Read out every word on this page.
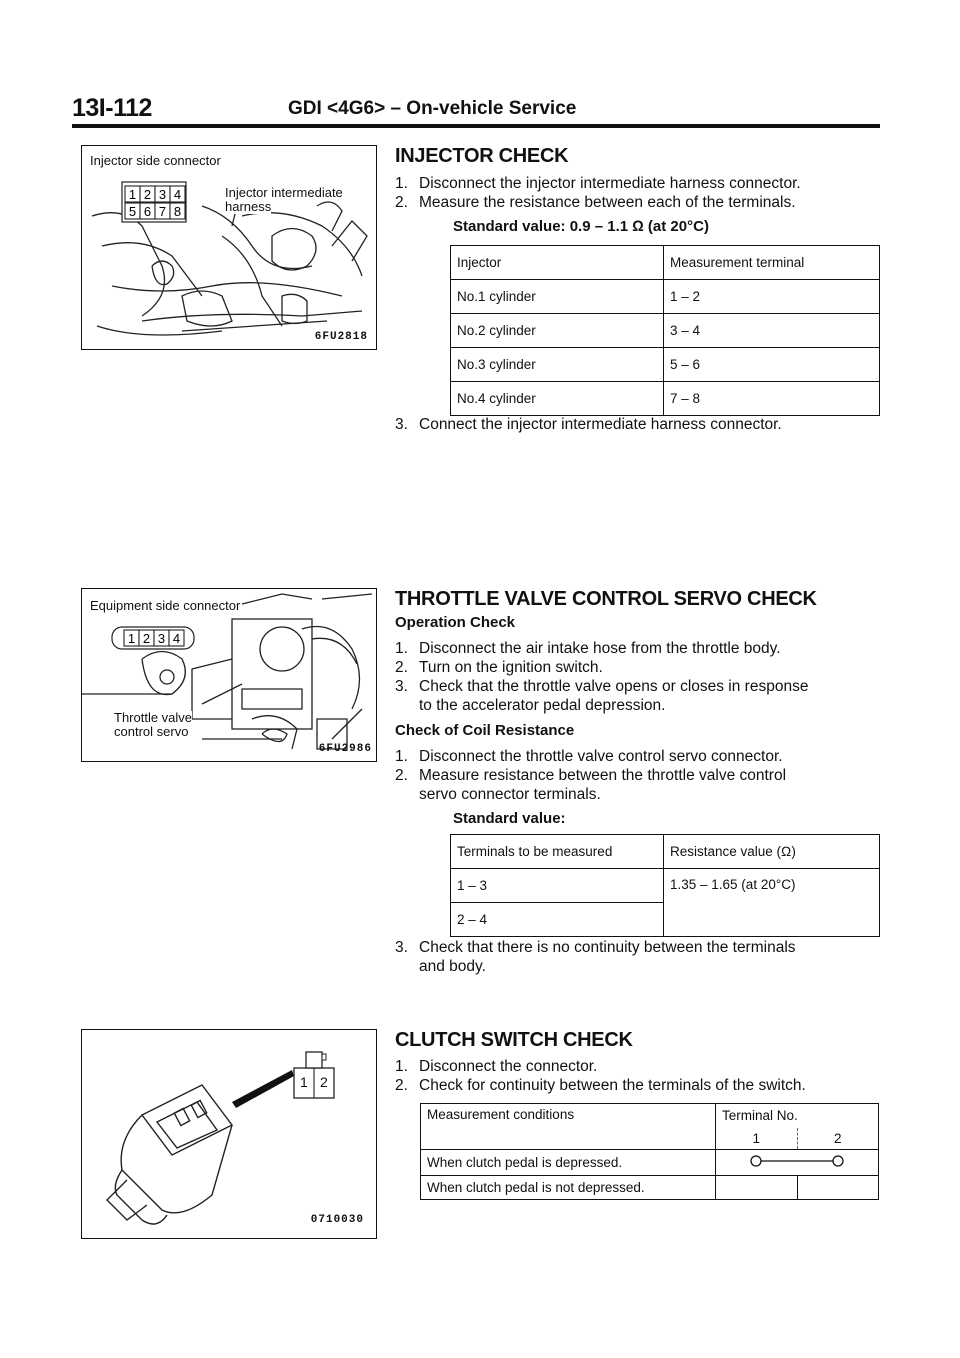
13I-112	GDI <4G6> – On-vehicle Service
1 2 3 4
5 6 7 8
Injector side connector
Injector intermediate
harness
6FU2818
1 2 3 4
Equipment side connector
Throttle valve
control servo
6FU2986
1 2
0710030
INJECTOR CHECK
1. Disconnect the injector intermediate harness connector.
2. Measure the resistance between each of the terminals.
Standard value: 0.9 – 1.1 Ω (at 20°C)
Injector	Measurement terminal
No.1 cylinder	1 – 2
No.2 cylinder	3 – 4
No.3 cylinder	5 – 6
No.4 cylinder	7 – 8
3. Connect the injector intermediate harness connector.
THROTTLE VALVE CONTROL SERVO CHECK
Operation Check
1. Disconnect the air intake hose from the throttle body.
2. Turn on the ignition switch.
3. Check that the throttle valve opens or closes in response
to the accelerator pedal depression.
Check of Coil Resistance
1. Disconnect the throttle valve control servo connector.
2. Measure resistance between the throttle valve control
servo connector terminals.
Standard value:
Terminals to be measured	Resistance value (Ω)
1 – 3	1.35 – 1.65 (at 20°C)
2 – 4	
3. Check that there is no continuity between the terminals
and body.
CLUTCH SWITCH CHECK
1. Disconnect the connector.
2. Check for continuity between the terminals of the switch.
Measurement conditions	Terminal No.	
	1	2
When clutch pedal is depressed.	
When clutch pedal is not depressed.		
